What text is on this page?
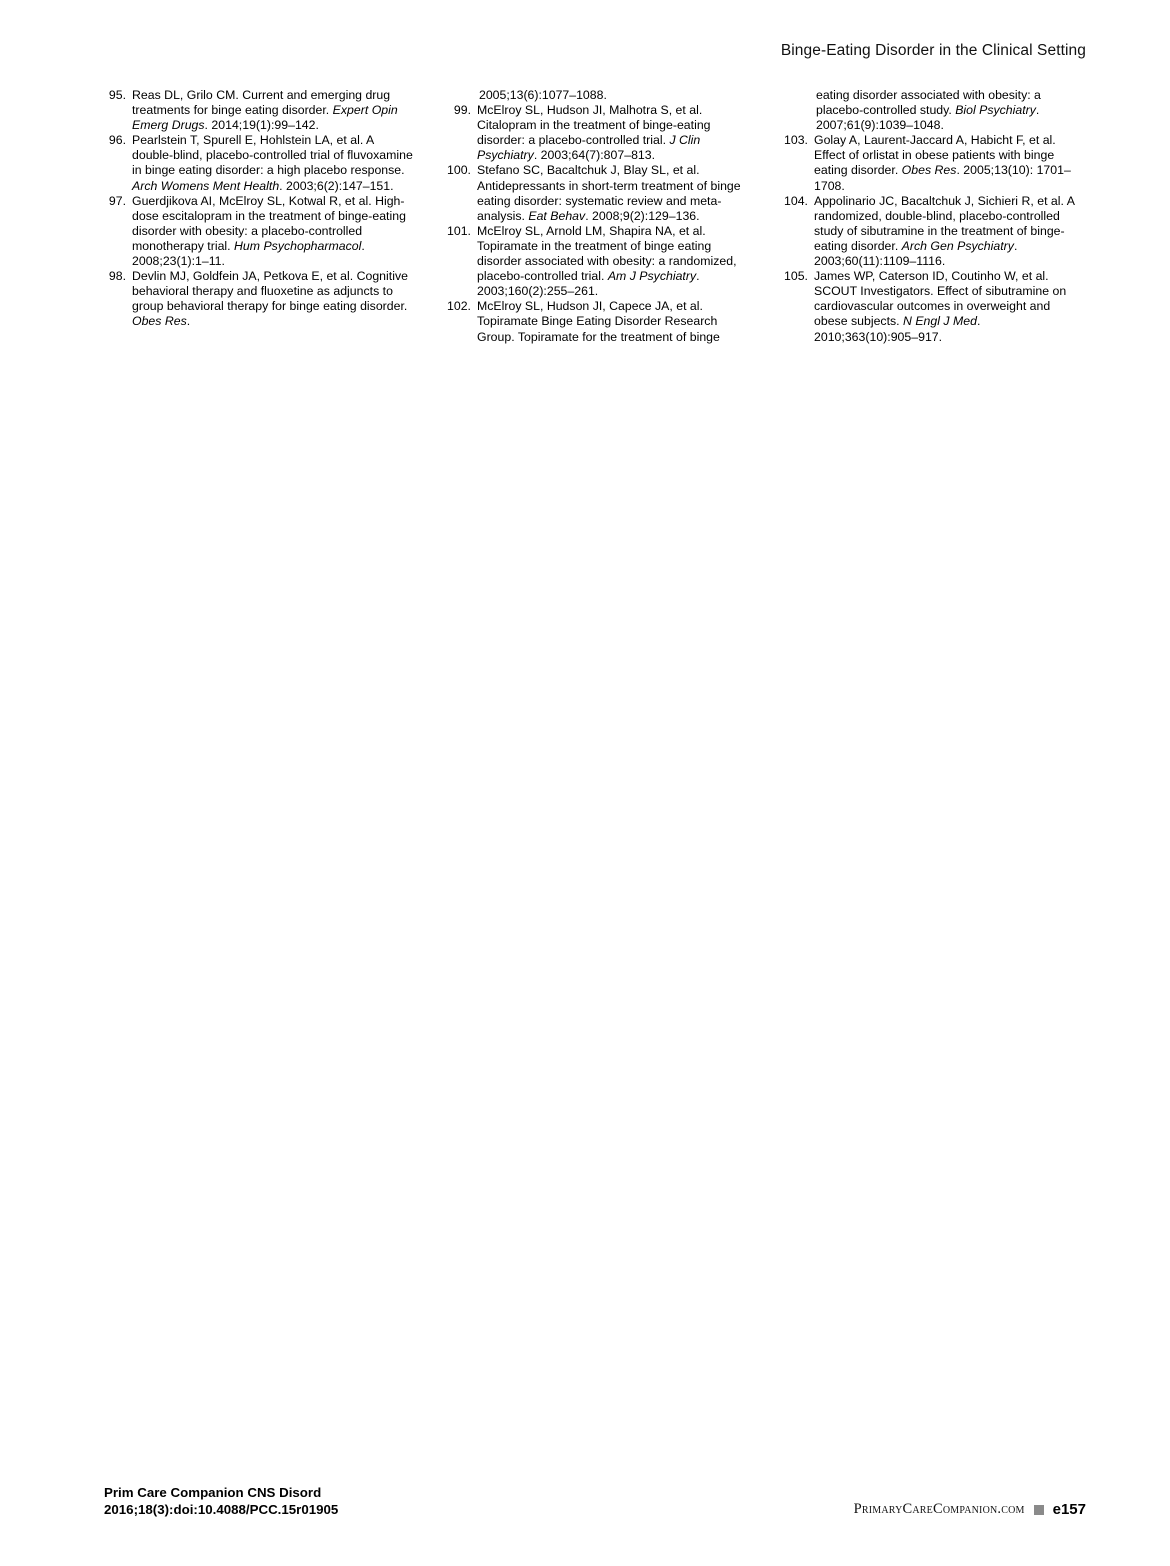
Binge-Eating Disorder in the Clinical Setting
95. Reas DL, Grilo CM. Current and emerging drug treatments for binge eating disorder. Expert Opin Emerg Drugs. 2014;19(1):99–142.
96. Pearlstein T, Spurell E, Hohlstein LA, et al. A double-blind, placebo-controlled trial of fluvoxamine in binge eating disorder: a high placebo response. Arch Womens Ment Health. 2003;6(2):147–151.
97. Guerdjikova AI, McElroy SL, Kotwal R, et al. High-dose escitalopram in the treatment of binge-eating disorder with obesity: a placebo-controlled monotherapy trial. Hum Psychopharmacol. 2008;23(1):1–11.
98. Devlin MJ, Goldfein JA, Petkova E, et al. Cognitive behavioral therapy and fluoxetine as adjuncts to group behavioral therapy for binge eating disorder. Obes Res.
2005;13(6):1077–1088.
99. McElroy SL, Hudson JI, Malhotra S, et al. Citalopram in the treatment of binge-eating disorder: a placebo-controlled trial. J Clin Psychiatry. 2003;64(7):807–813.
100. Stefano SC, Bacaltchuk J, Blay SL, et al. Antidepressants in short-term treatment of binge eating disorder: systematic review and meta-analysis. Eat Behav. 2008;9(2):129–136.
101. McElroy SL, Arnold LM, Shapira NA, et al. Topiramate in the treatment of binge eating disorder associated with obesity: a randomized, placebo-controlled trial. Am J Psychiatry. 2003;160(2):255–261.
102. McElroy SL, Hudson JI, Capece JA, et al. Topiramate Binge Eating Disorder Research Group. Topiramate for the treatment of binge
eating disorder associated with obesity: a placebo-controlled study. Biol Psychiatry. 2007;61(9):1039–1048.
103. Golay A, Laurent-Jaccard A, Habicht F, et al. Effect of orlistat in obese patients with binge eating disorder. Obes Res. 2005;13(10): 1701–1708.
104. Appolinario JC, Bacaltchuk J, Sichieri R, et al. A randomized, double-blind, placebo-controlled study of sibutramine in the treatment of binge-eating disorder. Arch Gen Psychiatry. 2003;60(11):1109–1116.
105. James WP, Caterson ID, Coutinho W, et al. SCOUT Investigators. Effect of sibutramine on cardiovascular outcomes in overweight and obese subjects. N Engl J Med. 2010;363(10):905–917.
Prim Care Companion CNS Disord
2016;18(3):doi:10.4088/PCC.15r01905	PrimaryCareCompanion.com e157
